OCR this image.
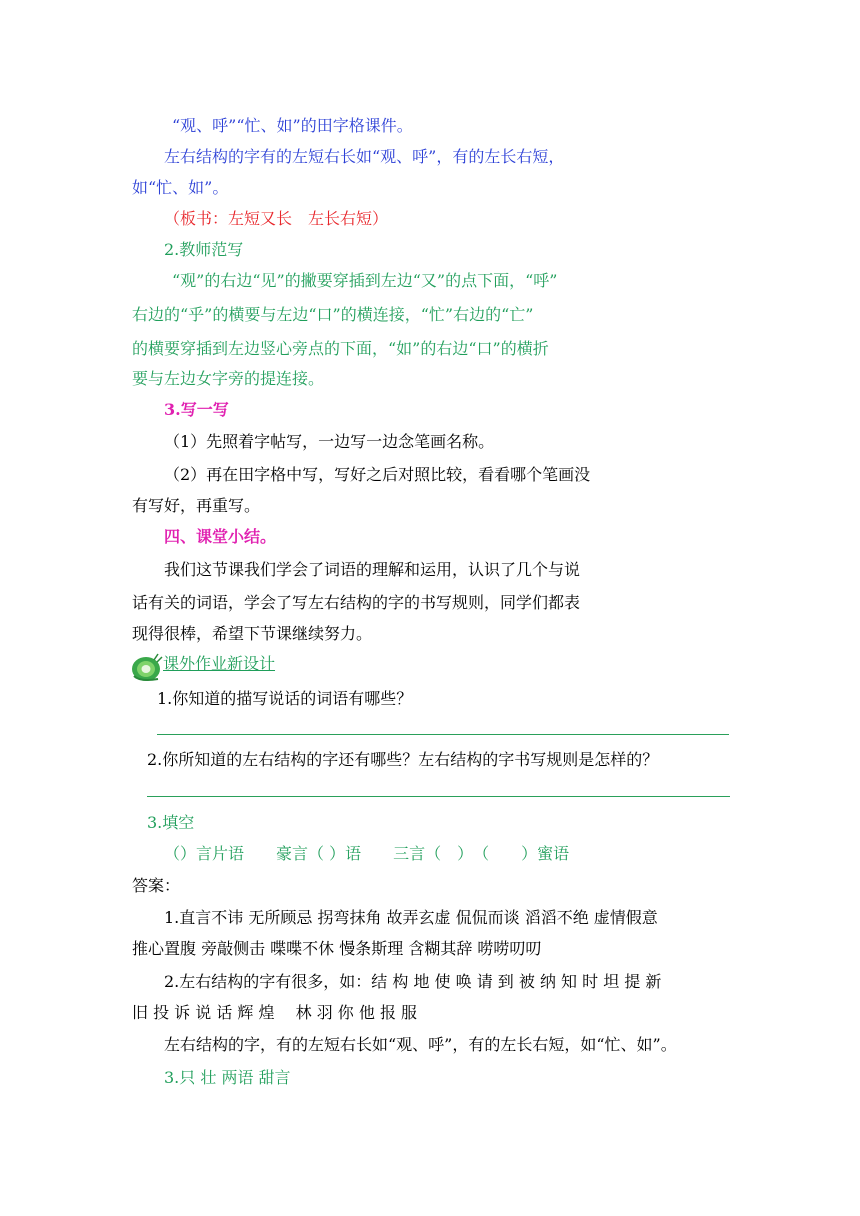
“观、呼”“忙、如”的田字格课件。
左右结构的字有的左短右长如“观、呼”，有的左长右短，
如“忙、如”。
（板书：左短又长　左长右短）
2.教师范写
“观”的右边“见”的撇要穿插到左边“又”的点下面，“呼”
右边的“乎”的横要与左边“口”的横连接，“忙”右边的“亡”
的横要穿插到左边竖心旁点的下面，“如”的右边“口”的横折
要与左边女字旁的提连接。
3.写一写
（1）先照着字帖写，一边写一边念笔画名称。
（2）再在田字格中写，写好之后对照比较，看看哪个笔画没
有写好，再重写。
四、课堂小结。
我们这节课我们学会了词语的理解和运用，认识了几个与说
话有关的词语，学会了写左右结构的字的书写规则，同学们都表
现得很棒，希望下节课继续努力。
课外作业新设计
1.你知道的描写说话的词语有哪些？
2.你所知道的左右结构的字还有哪些？左右结构的字书写规则是怎样的？
3.填空
（）言片语　　豪言（ ）语　　三言（　）　（　　）蜜语
答案：
1.直言不讳 无所顾忌 拐弯抹角 故弄玄虚 侃侃而谈 滔滔不绝 虚情假意
推心置腹 旁敲侧击 喋喋不休 慢条斯理 含糊其辞 唠唠叨叨
2.左右结构的字有很多，如：结 构 地 使 唤 请 到 被 纳 知 时 坦 提 新
旧 投 诉 说 话 辉 煌　 林 羽 你 他 报 服
左右结构的字，有的左短右长如“观、呼”，有的左长右短，如“忙、如”。
3.只 壮 两语 甜言
